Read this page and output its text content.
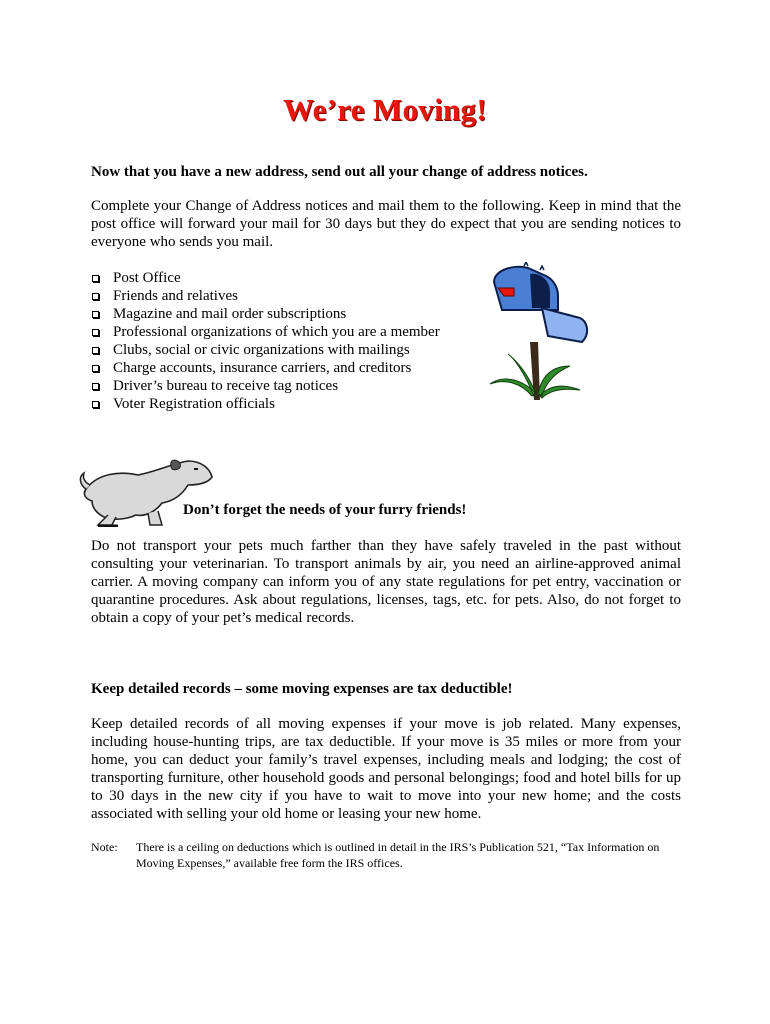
We’re Moving!

Now that you have a new address, send out all your change of address notices.

Complete your Change of Address notices and mail them to the following. Keep in mind that the post office will forward your mail for 30 days but they do expect that you are sending notices to everyone who sends you mail.

Post Office
Friends and relatives
Magazine and mail order subscriptions
Professional organizations of which you are a member
Clubs, social or civic organizations with mailings
Charge accounts, insurance carriers, and creditors
Driver’s bureau to receive tag notices
Voter Registration officials
Don’t forget the needs of your furry friends!

Do not transport your pets much farther than they have safely traveled in the past without consulting your veterinarian. To transport animals by air, you need an airline-approved animal carrier. A moving company can inform you of any state regulations for pet entry, vaccination or quarantine procedures. Ask about regulations, licenses, tags, etc. for pets. Also, do not forget to obtain a copy of your pet’s medical records.

Keep detailed records – some moving expenses are tax deductible!

Keep detailed records of all moving expenses if your move is job related. Many expenses, including house-hunting trips, are tax deductible. If your move is 35 miles or more from your home, you can deduct your family’s travel expenses, including meals and lodging; the cost of transporting furniture, other household goods and personal belongings; food and hotel bills for up to 30 days in the new city if you have to wait to move into your new home; and the costs associated with selling your old home or leasing your new home.

Note:	There is a ceiling on deductions which is outlined in detail in the IRS’s Publication 521, “Tax Information on Moving Expenses,” available free form the IRS offices.
